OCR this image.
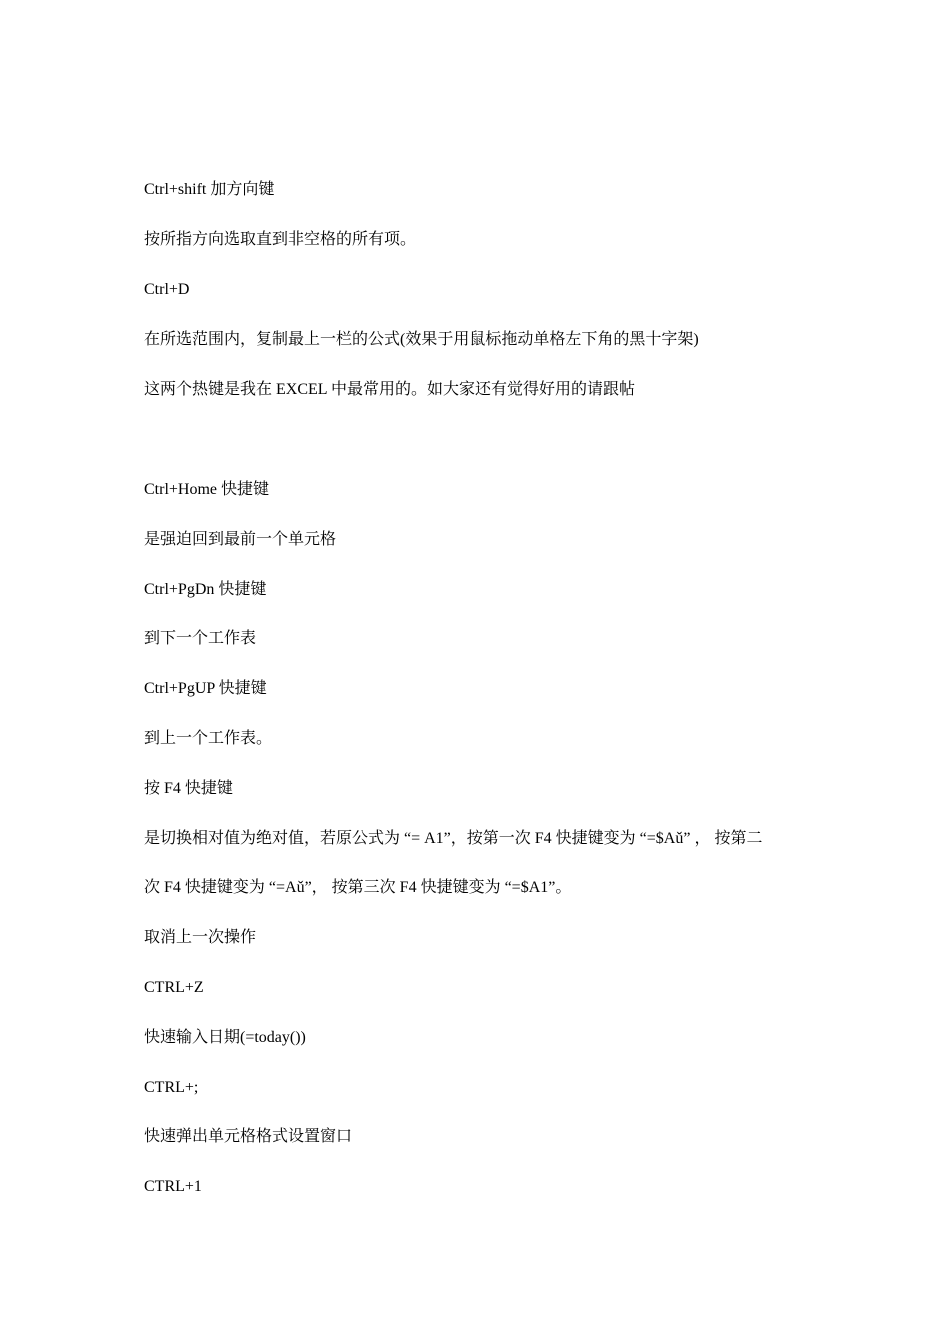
Ctrl+shift 加方向键
按所指方向选取直到非空格的所有项。
Ctrl+D
在所选范围内，复制最上一栏的公式(效果于用鼠标拖动单格左下角的黑十字架)
这两个热键是我在 EXCEL 中最常用的。如大家还有觉得好用的请跟帖
Ctrl+Home 快捷键
是强迫回到最前一个单元格
Ctrl+PgDn 快捷键
到下一个工作表
Ctrl+PgUP 快捷键
到上一个工作表。
按 F4 快捷键
是切换相对值为绝对值，若原公式为 “= A1”，按第一次 F4 快捷键变为 “=$Aǔ” ， 按第二
次 F4 快捷键变为 “=Aǔ”， 按第三次 F4 快捷键变为 “=$A1”。
取消上一次操作
CTRL+Z
快速输入日期(=today())
CTRL+;
快速弹出单元格格式设置窗口
CTRL+1
